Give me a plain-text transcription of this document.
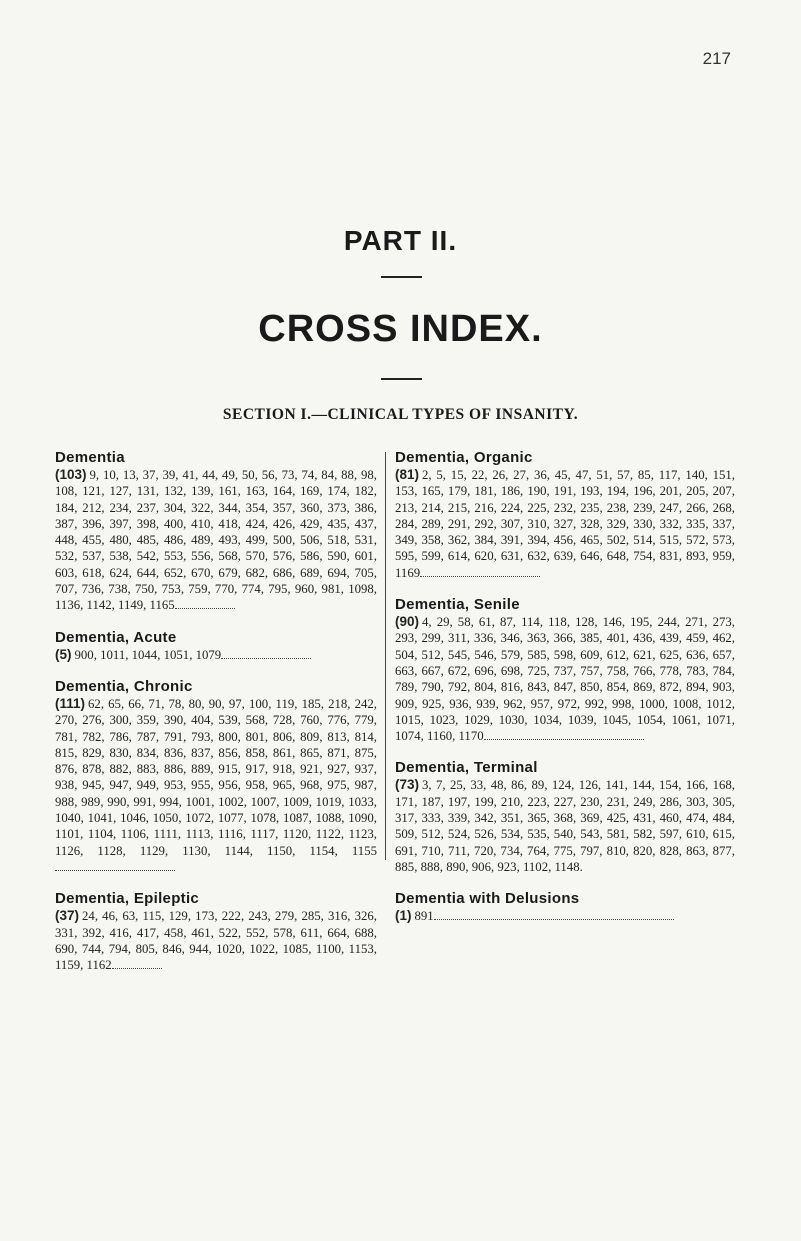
217
PART II.
CROSS INDEX.
SECTION I.—CLINICAL TYPES OF INSANITY.
Dementia
(103) 9, 10, 13, 37, 39, 41, 44, 49, 50, 56, 73, 74, 84, 88, 98, 108, 121, 127, 131, 132, 139, 161, 163, 164, 169, 174, 182, 184, 212, 234, 237, 304, 322, 344, 354, 357, 360, 373, 386, 387, 396, 397, 398, 400, 410, 418, 424, 426, 429, 435, 437, 448, 455, 480, 485, 486, 489, 493, 499, 500, 506, 518, 531, 532, 537, 538, 542, 553, 556, 568, 570, 576, 586, 590, 601, 603, 618, 624, 644, 652, 670, 679, 682, 686, 689, 694, 705, 707, 736, 738, 750, 753, 759, 770, 774, 795, 960, 981, 1098, 1136, 1142, 1149, 1165
Dementia, Acute
(5) 900, 1011, 1044, 1051, 1079
Dementia, Chronic
(111) 62, 65, 66, 71, 78, 80, 90, 97, 100, 119, 185, 218, 242, 270, 276, 300, 359, 390, 404, 539, 568, 728, 760, 776, 779, 781, 782, 786, 787, 791, 793, 800, 801, 806, 809, 813, 814, 815, 829, 830, 834, 836, 837, 856, 858, 861, 865, 871, 875, 876, 878, 882, 883, 886, 889, 915, 917, 918, 921, 927, 937, 938, 945, 947, 949, 953, 955, 956, 958, 965, 968, 975, 987, 988, 989, 990, 991, 994, 1001, 1002, 1007, 1009, 1019, 1033, 1040, 1041, 1046, 1050, 1072, 1077, 1078, 1087, 1088, 1090, 1101, 1104, 1106, 1111, 1113, 1116, 1117, 1120, 1122, 1123, 1126, 1128, 1129, 1130, 1144, 1150, 1154, 1155
Dementia, Epileptic
(37) 24, 46, 63, 115, 129, 173, 222, 243, 279, 285, 316, 326, 331, 392, 416, 417, 458, 461, 522, 552, 578, 611, 664, 688, 690, 744, 794, 805, 846, 944, 1020, 1022, 1085, 1100, 1153, 1159, 1162
Dementia, Organic
(81) 2, 5, 15, 22, 26, 27, 36, 45, 47, 51, 57, 85, 117, 140, 151, 153, 165, 179, 181, 186, 190, 191, 193, 194, 196, 201, 205, 207, 213, 214, 215, 216, 224, 225, 232, 235, 238, 239, 247, 266, 268, 284, 289, 291, 292, 307, 310, 327, 328, 329, 330, 332, 335, 337, 349, 358, 362, 384, 391, 394, 456, 465, 502, 514, 515, 572, 573, 595, 599, 614, 620, 631, 632, 639, 646, 648, 754, 831, 893, 959, 1169
Dementia, Senile
(90) 4, 29, 58, 61, 87, 114, 118, 128, 146, 195, 244, 271, 273, 293, 299, 311, 336, 346, 363, 366, 385, 401, 436, 439, 459, 462, 504, 512, 545, 546, 579, 585, 598, 609, 612, 621, 625, 636, 657, 663, 667, 672, 696, 698, 725, 737, 757, 758, 766, 778, 783, 784, 789, 790, 792, 804, 816, 843, 847, 850, 854, 869, 872, 894, 903, 909, 925, 936, 939, 962, 957, 972, 992, 998, 1000, 1008, 1012, 1015, 1023, 1029, 1030, 1034, 1039, 1045, 1054, 1061, 1071, 1074, 1160, 1170
Dementia, Terminal
(73) 3, 7, 25, 33, 48, 86, 89, 124, 126, 141, 144, 154, 166, 168, 171, 187, 197, 199, 210, 223, 227, 230, 231, 249, 286, 303, 305, 317, 333, 339, 342, 351, 365, 368, 369, 425, 431, 460, 474, 484, 509, 512, 524, 526, 534, 535, 540, 543, 581, 582, 597, 610, 615, 691, 710, 711, 720, 734, 764, 775, 797, 810, 820, 828, 863, 877, 885, 888, 890, 906, 923, 1102, 1148.
Dementia with Delusions
(1) 891
